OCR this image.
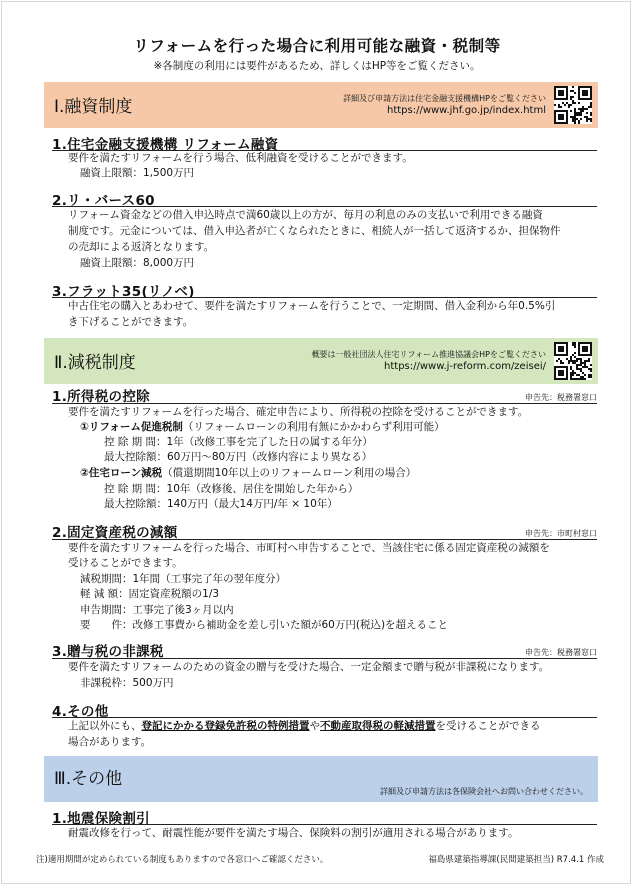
リフォームを行った場合に利用可能な融資・税制等
※各制度の利用には要件があるため、詳しくはHP等をご覧ください。
Ⅰ.融資制度	詳細及び申請方法は住宅金融支援機構HPをご覧ください
https://www.jhf.go.jp/index.html
1.住宅金融支援機構 リフォーム融資
要件を満たすリフォームを行う場合、低利融資を受けることができます。
融資上限額：1,500万円
2.リ・バース60
リフォーム資金などの借入申込時点で満60歳以上の方が、毎月の利息のみの支払いで利用できる融資
制度です。元金については、借入申込者が亡くなられたときに、相続人が一括して返済するか、担保物件
の売却による返済となります。
融資上限額：8,000万円
3.フラット35(リノベ)
中古住宅の購入とあわせて、要件を満たすリフォームを行うことで、一定期間、借入金利から年0.5%引
き下げることができます。
Ⅱ.減税制度	概要は一般社団法人住宅リフォーム推進協議会HPをご覧ください
https://www.j-reform.com/zeisei/
1.所得税の控除	申告先：税務署窓口
要件を満たすリフォームを行った場合、確定申告により、所得税の控除を受けることができます。
①リフォーム促進税制（リフォームローンの利用有無にかかわらず利用可能）
控 除 期 間：1年（改修工事を完了した日の属する年分）
最大控除額：60万円～80万円（改修内容により異なる）
②住宅ローン減税（償還期間10年以上のリフォームローン利用の場合）
控 除 期 間：10年（改修後、居住を開始した年から）
最大控除額：140万円（最大14万円/年 × 10年）
2.固定資産税の減額	申告先：市町村窓口
要件を満たすリフォームを行った場合、市町村へ申告することで、当該住宅に係る固定資産税の減額を
受けることができます。
減税期間：1年間（工事完了年の翌年度分）
軽 減 額：固定資産税額の1/3
申告期間：工事完了後3ヶ月以内
要　　件：改修工事費から補助金を差し引いた額が60万円(税込)を超えること
3.贈与税の非課税	申告先：税務署窓口
要件を満たすリフォームのための資金の贈与を受けた場合、一定金額まで贈与税が非課税になります。
非課税枠：500万円
4.その他
上記以外にも、登記にかかる登録免許税の特例措置や不動産取得税の軽減措置を受けることができる
場合があります。
Ⅲ.その他
詳細及び申請方法は各保険会社へお問い合わせください。
1.地震保険割引
耐震改修を行って、耐震性能が要件を満たす場合、保険料の割引が適用される場合があります。
注)適用期間が定められている制度もありますので各窓口へご確認ください。	福島県建築指導課(民間建築担当) R7.4.1 作成
